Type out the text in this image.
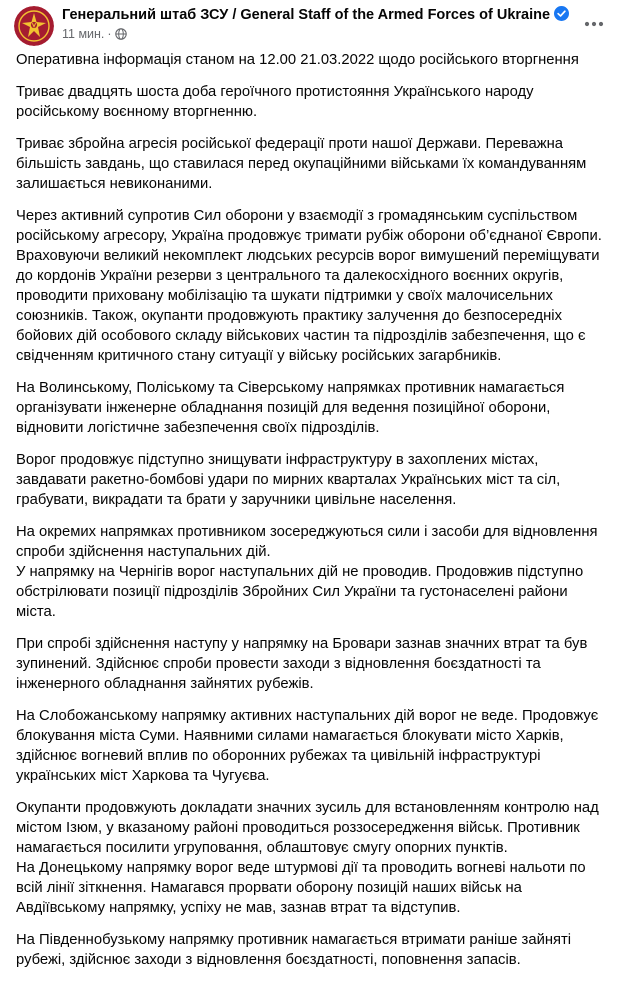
Генеральний штаб ЗСУ / General Staff of the Armed Forces of Ukraine
11 мин. ·

Оперативна інформація станом на 12.00 21.03.2022 щодо російського вторгнення

Триває двадцять шоста доба героїчного протистояння Українського народу російському воєнному вторгненню.

Триває збройна агресія російської федерації проти нашої Держави. Переважна більшість завдань, що ставилася перед окупаційними військами їх командуванням залишається невиконаними.

Через активний супротив Сил оборони у взаємодії з громадянським суспільством російському агресору, Україна продовжує тримати рубіж оборони об’єднаної Європи. Враховуючи великий некомплект людських ресурсів ворог вимушений переміщувати до кордонів України резерви з центрального та далекосхідного воєнних округів, проводити приховану мобілізацію та шукати підтримки у своїх малочисельних союзників. Також, окупанти продовжують практику залучення до безпосередніх бойових дій особового складу військових частин та підрозділів забезпечення, що є свідченням критичного стану ситуації у війську російських загарбників.

На Волинському, Поліському та Сіверському напрямках противник намагається організувати інженерне обладнання позицій для ведення позиційної оборони, відновити логістичне забезпечення своїх підрозділів.

Ворог продовжує підступно знищувати інфраструктуру в захоплених містах, завдавати ракетно-бомбові удари по мирних кварталах Українських міст та сіл, грабувати, викрадати та брати у заручники цивільне населення.

На окремих напрямках противником зосереджуються сили і засоби для відновлення спроби здійснення наступальних дій.

У напрямку на Чернігів ворог наступальних дій не проводив. Продовжив підступно обстрілювати позиції підрозділів Збройних Сил України та густонаселені райони міста.

При спробі здійснення наступу у напрямку на Бровари зазнав значних втрат та був зупинений. Здійснює спроби провести заходи з відновлення боєздатності та інженерного обладнання зайнятих рубежів.

На Слобожанському напрямку активних наступальних дій ворог не веде. Продовжує блокування міста Суми. Наявними силами намагається блокувати місто Харків, здійснює вогневий вплив по оборонних рубежах та цивільній інфраструктурі українських міст Харкова та Чугуєва.

Окупанти продовжують докладати значних зусиль для встановленням контролю над містом Ізюм, у вказаному районі проводиться роззосередження військ. Противник намагається посилити угруповання, облаштовує смугу опорних пунктів.

На Донецькому напрямку ворог веде штурмові дії та проводить вогневі нальоти по всій лінії зіткнення. Намагався прорвати оборону позицій наших військ на Авдіївському напрямку, успіху не мав, зазнав втрат та відступив.

На Південнобузькому напрямку противник намагається втримати раніше зайняті рубежі, здійснює заходи з відновлення боєздатності, поповнення запасів.
